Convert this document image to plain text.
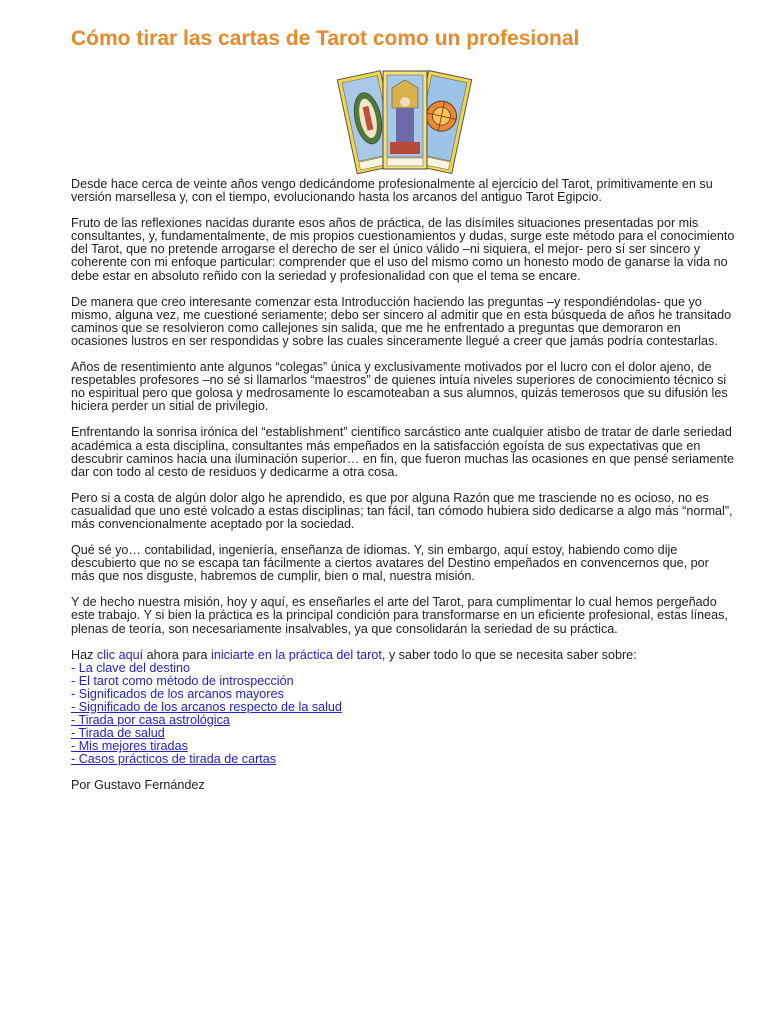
Cómo tirar las cartas de Tarot como un profesional

Desde hace cerca de veinte años vengo dedicándome profesionalmente al ejercicio del Tarot, primitivamente en su versión marsellesa y, con el tiempo, evolucionando hasta los arcanos del antiguo Tarot Egipcio.

Fruto de las reflexiones nacidas durante esos años de práctica, de las disímiles situaciones presentadas por mis consultantes, y, fundamentalmente, de mis propios cuestionamientos y dudas, surge este método para el conocimiento del Tarot, que no pretende arrogarse el derecho de ser el único válido –ni siquiera, el mejor- pero sí ser sincero y coherente con mi enfoque particular: comprender que el uso del mismo como un honesto modo de ganarse la vida no debe estar en absoluto reñido con la seriedad y profesionalidad con que el tema se encare.

De manera que creo interesante comenzar esta Introducción haciendo las preguntas –y respondiéndolas- que yo mismo, alguna vez, me cuestioné seriamente; debo ser sincero al admitir que en esta búsqueda de años he transitado caminos que se resolvieron como callejones sin salida, que me he enfrentado a preguntas que demoraron en ocasiones lustros en ser respondidas y sobre las cuales sinceramente llegué a creer que jamás podría contestarlas.

Años de resentimiento ante algunos “colegas” única y exclusivamente motivados por el lucro con el dolor ajeno, de respetables profesores –no sé si llamarlos “maestros” de quienes intuía niveles superiores de conocimiento técnico si no espiritual pero que golosa y medrosamente lo escamoteaban a sus alumnos, quizás temerosos que su difusión les hiciera perder un sitial de privilegio.

Enfrentando la sonrisa irónica del “establishment” científico sarcástico ante cualquier atisbo de tratar de darle seriedad académica a esta disciplina, consultantes más empeñados en la satisfacción egoísta de sus expectativas que en descubrir caminos hacia una iluminación superior… en fin, que fueron muchas las ocasiones en que pensé seriamente dar con todo al cesto de residuos y dedicarme a otra cosa.

Pero si a costa de algún dolor algo he aprendido, es que por alguna Razón que me trasciende no es ocioso, no es casualidad que uno esté volcado a estas disciplinas; tan fácil, tan cómodo hubiera sido dedicarse a algo más “normal”, más convencionalmente aceptado por la sociedad.

Qué sé yo… contabilidad, ingeniería, enseñanza de idiomas. Y, sin embargo, aquí estoy, habiendo como dije descubierto que no se escapa tan fácilmente a ciertos avatares del Destino empeñados en convencernos que, por más que nos disguste, habremos de cumplir, bien o mal, nuestra misión.

Y de hecho nuestra misión, hoy y aquí, es enseñarles el arte del Tarot, para cumplimentar lo cual hemos pergeñado este trabajo. Y si bien la práctica es la principal condición para transformarse en un eficiente profesional, estas líneas, plenas de teoría, son necesariamente insalvables, ya que consolidarán la seriedad de su práctica.

Haz clic aquí ahora para iniciarte en la práctica del tarot, y saber todo lo que se necesita saber sobre:
- La clave del destino
- El tarot como método de introspección
- Significados de los arcanos mayores
- Significado de los arcanos respecto de la salud
- Tirada por casa astrológica
- Tirada de salud
- Mis mejores tiradas
- Casos prácticos de tirada de cartas

Por Gustavo Fernández
